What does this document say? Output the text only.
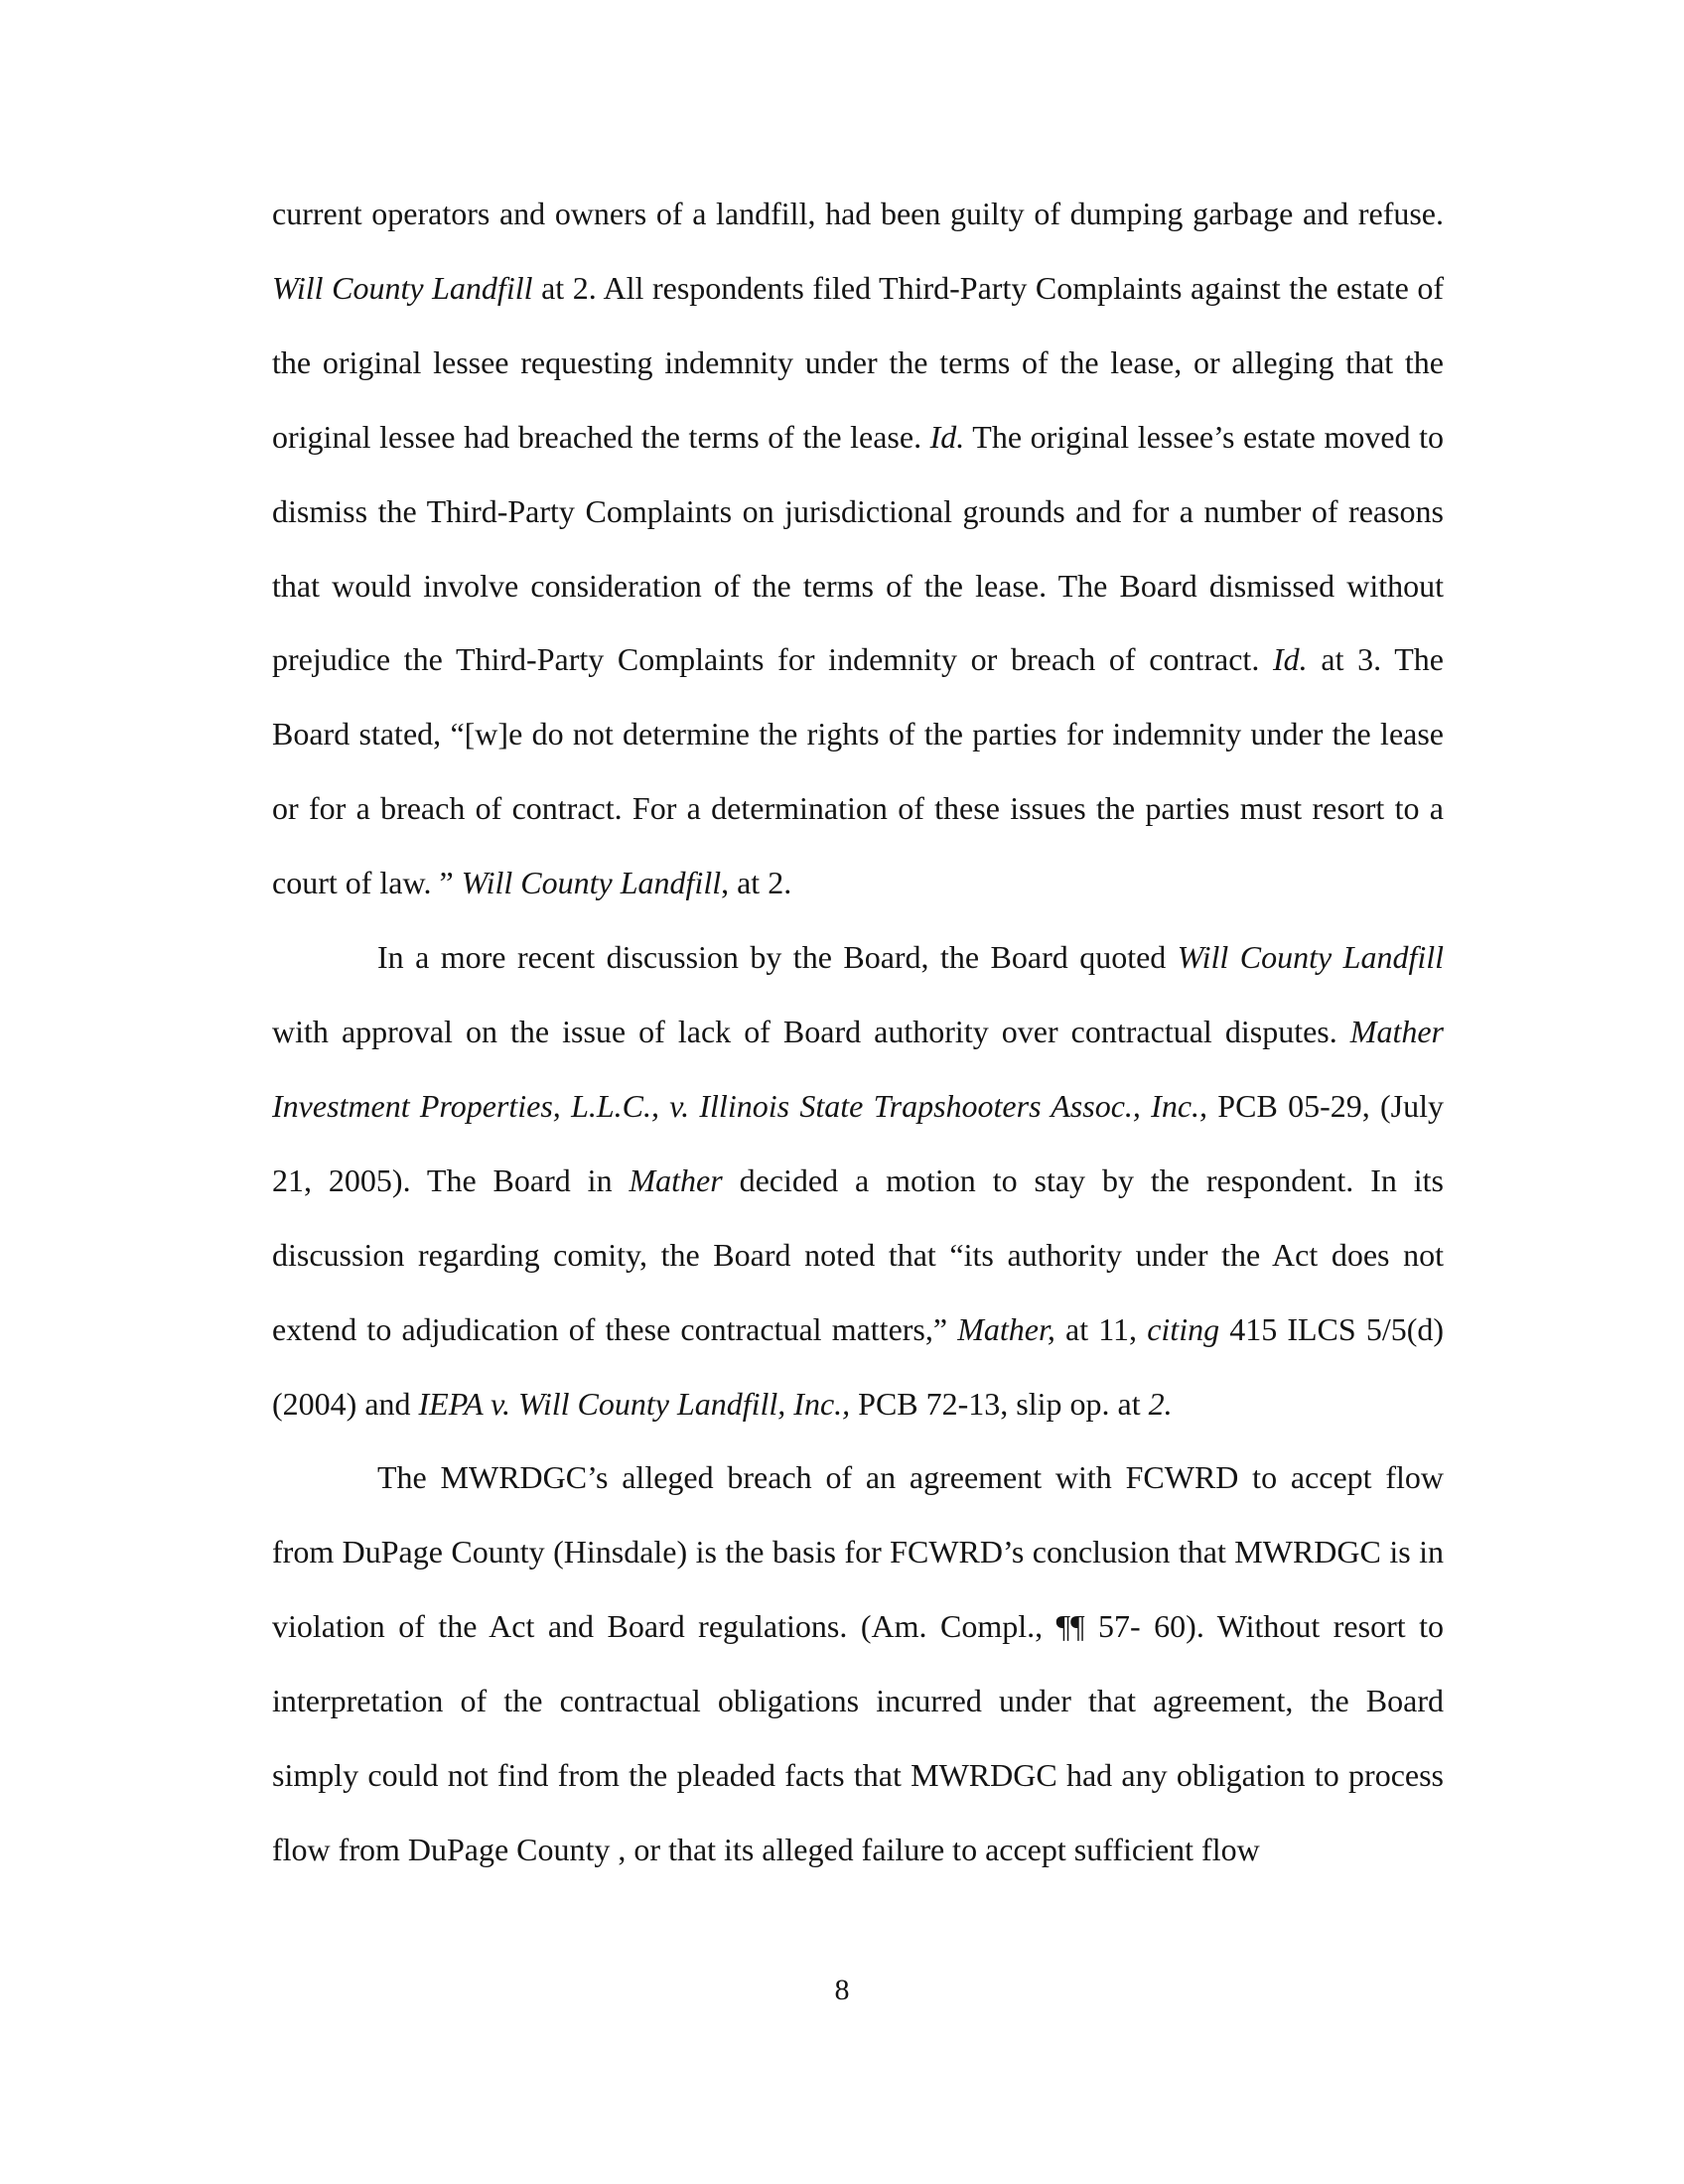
current operators and owners of a landfill, had been guilty of dumping garbage and refuse. Will County Landfill at 2. All respondents filed Third-Party Complaints against the estate of the original lessee requesting indemnity under the terms of the lease, or alleging that the original lessee had breached the terms of the lease. Id. The original lessee’s estate moved to dismiss the Third-Party Complaints on jurisdictional grounds and for a number of reasons that would involve consideration of the terms of the lease. The Board dismissed without prejudice the Third-Party Complaints for indemnity or breach of contract. Id. at 3. The Board stated, “[w]e do not determine the rights of the parties for indemnity under the lease or for a breach of contract. For a determination of these issues the parties must resort to a court of law. ” Will County Landfill, at 2.

In a more recent discussion by the Board, the Board quoted Will County Landfill with approval on the issue of lack of Board authority over contractual disputes. Mather Investment Properties, L.L.C., v. Illinois State Trapshooters Assoc., Inc., PCB 05-29, (July 21, 2005). The Board in Mather decided a motion to stay by the respondent. In its discussion regarding comity, the Board noted that “its authority under the Act does not extend to adjudication of these contractual matters,” Mather, at 11, citing 415 ILCS 5/5(d) (2004) and IEPA v. Will County Landfill, Inc., PCB 72-13, slip op. at 2.

The MWRDGC’s alleged breach of an agreement with FCWRD to accept flow from DuPage County (Hinsdale) is the basis for FCWRD’s conclusion that MWRDGC is in violation of the Act and Board regulations. (Am. Compl., ¶¶ 57- 60). Without resort to interpretation of the contractual obligations incurred under that agreement, the Board simply could not find from the pleaded facts that MWRDGC had any obligation to process flow from DuPage County , or that its alleged failure to accept sufficient flow

8
